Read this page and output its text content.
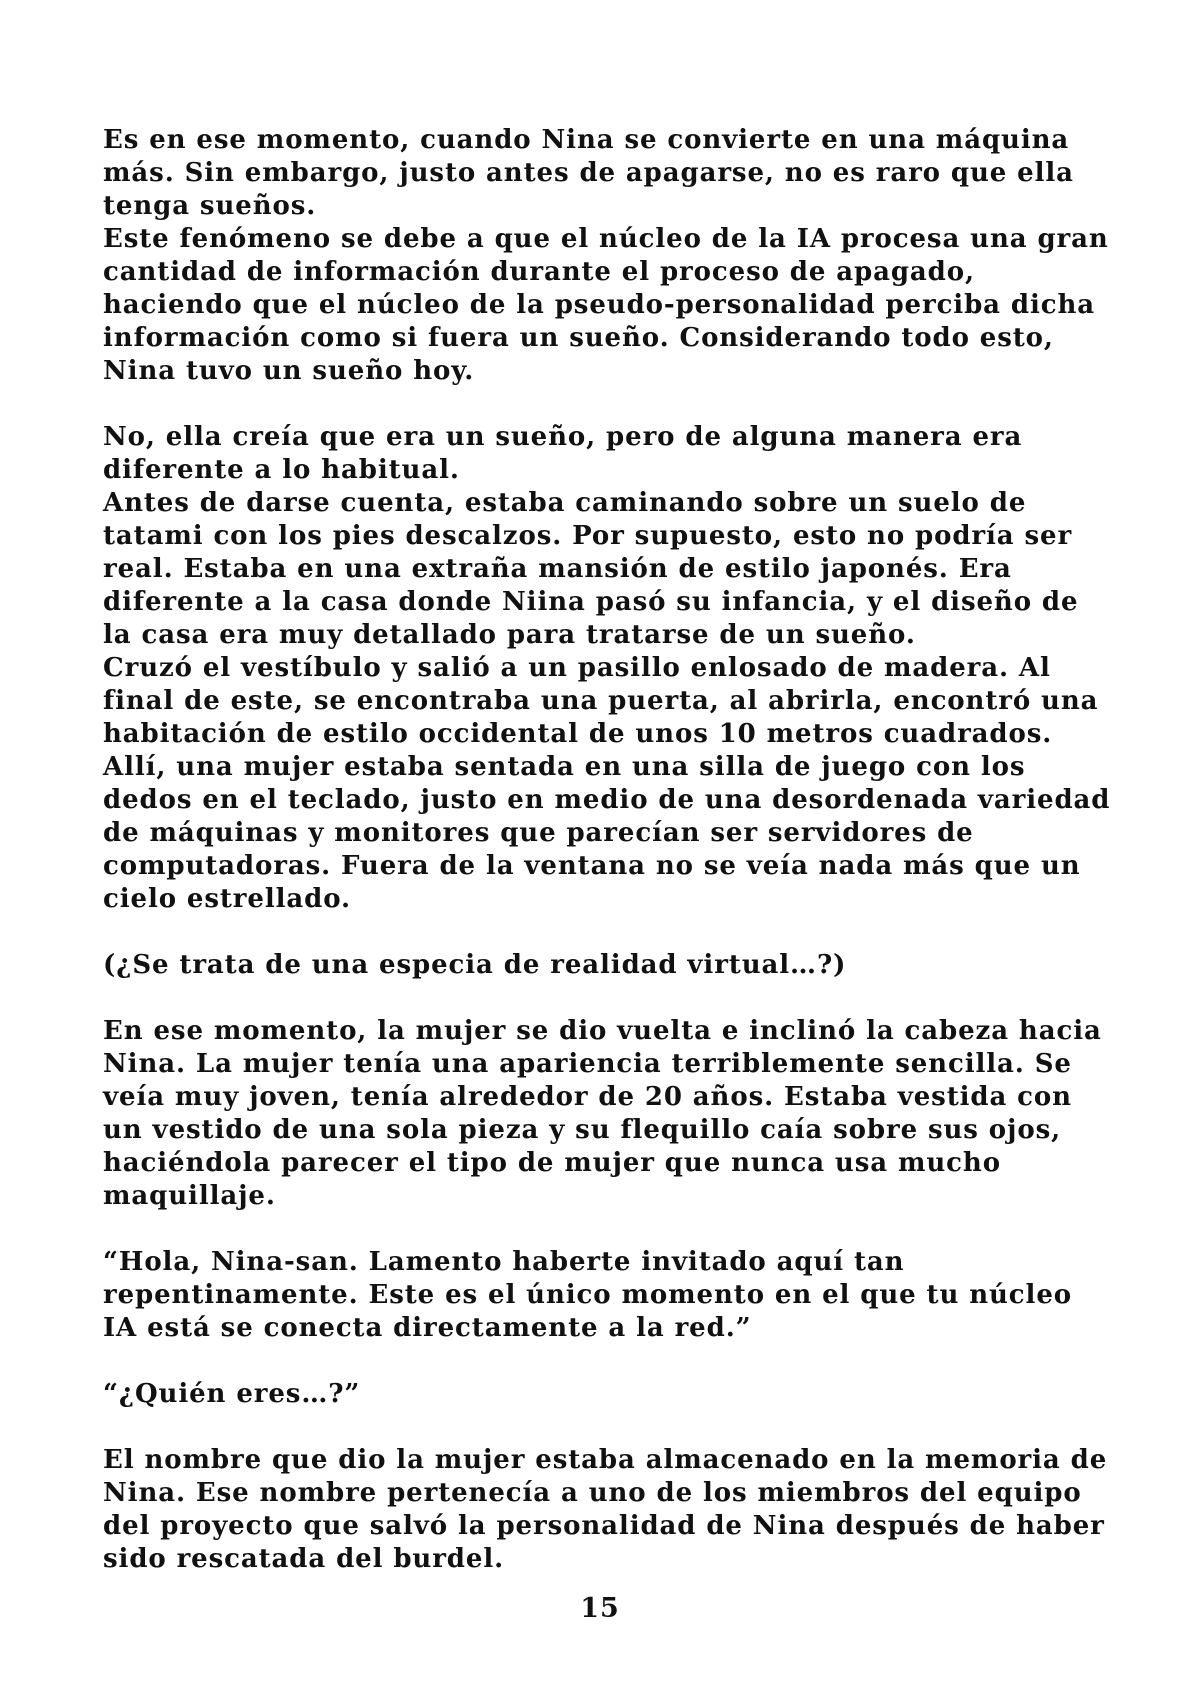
Es en ese momento, cuando Nina se convierte en una máquina más. Sin embargo, justo antes de apagarse, no es raro que ella tenga sueños.

Este fenómeno se debe a que el núcleo de la IA procesa una gran cantidad de información durante el proceso de apagado, haciendo que el núcleo de la pseudo-personalidad perciba dicha información como si fuera un sueño. Considerando todo esto, Nina tuvo un sueño hoy.

No, ella creía que era un sueño, pero de alguna manera era diferente a lo habitual.

Antes de darse cuenta, estaba caminando sobre un suelo de tatami con los pies descalzos. Por supuesto, esto no podría ser real. Estaba en una extraña mansión de estilo japonés. Era diferente a la casa donde Niina pasó su infancia, y el diseño de la casa era muy detallado para tratarse de un sueño.

Cruzó el vestíbulo y salió a un pasillo enlosado de madera. Al final de este, se encontraba una puerta, al abrirla, encontró una habitación de estilo occidental de unos 10 metros cuadrados. Allí, una mujer estaba sentada en una silla de juego con los dedos en el teclado, justo en medio de una desordenada variedad de máquinas y monitores que parecían ser servidores de computadoras. Fuera de la ventana no se veía nada más que un cielo estrellado.

(¿Se trata de una especia de realidad virtual…?)

En ese momento, la mujer se dio vuelta e inclinó la cabeza hacia Nina. La mujer tenía una apariencia terriblemente sencilla. Se veía muy joven, tenía alrededor de 20 años. Estaba vestida con un vestido de una sola pieza y su flequillo caía sobre sus ojos, haciéndola parecer el tipo de mujer que nunca usa mucho maquillaje.

“Hola, Nina-san. Lamento haberte invitado aquí tan repentinamente. Este es el único momento en el que tu núcleo IA está se conecta directamente a la red.”

“¿Quién eres…?”

El nombre que dio la mujer estaba almacenado en la memoria de Nina. Ese nombre pertenecía a uno de los miembros del equipo del proyecto que salvó la personalidad de Nina después de haber sido rescatada del burdel.

15
